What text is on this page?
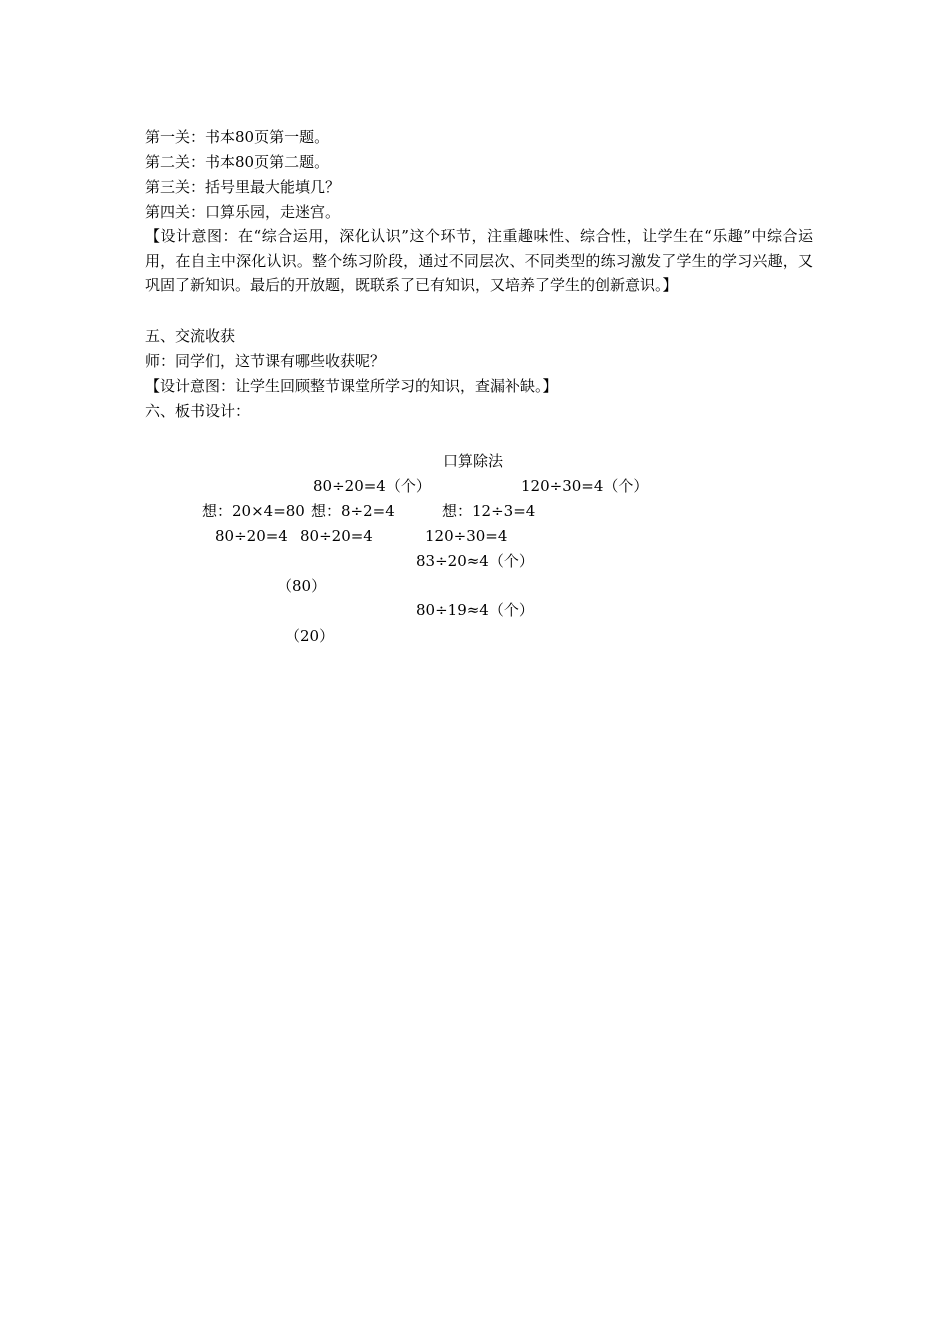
第一关：书本80页第一题。
第二关：书本80页第二题。
第三关：括号里最大能填几？
第四关：口算乐园，走迷宫。
【设计意图：在“综合运用，深化认识”这个环节，注重趣味性、综合性，让学生在“乐趣”中综合运用，在自主中深化认识。整个练习阶段，通过不同层次、不同类型的练习激发了学生的学习兴趣，又巩固了新知识。最后的开放题，既联系了已有知识，又培养了学生的创新意识。】
五、交流收获
师：同学们，这节课有哪些收获呢？
【设计意图：让学生回顾整节课堂所学习的知识，查漏补缺。】
六、板书设计：
口算除法
80÷20=4（个）	120÷30=4（个）
想：20×4=80 想：8÷2=4	想：12÷3=4
80÷20=4 80÷20=4	120÷30=4
83÷20≈4（个）
（80）
80÷19≈4（个）
（20）
